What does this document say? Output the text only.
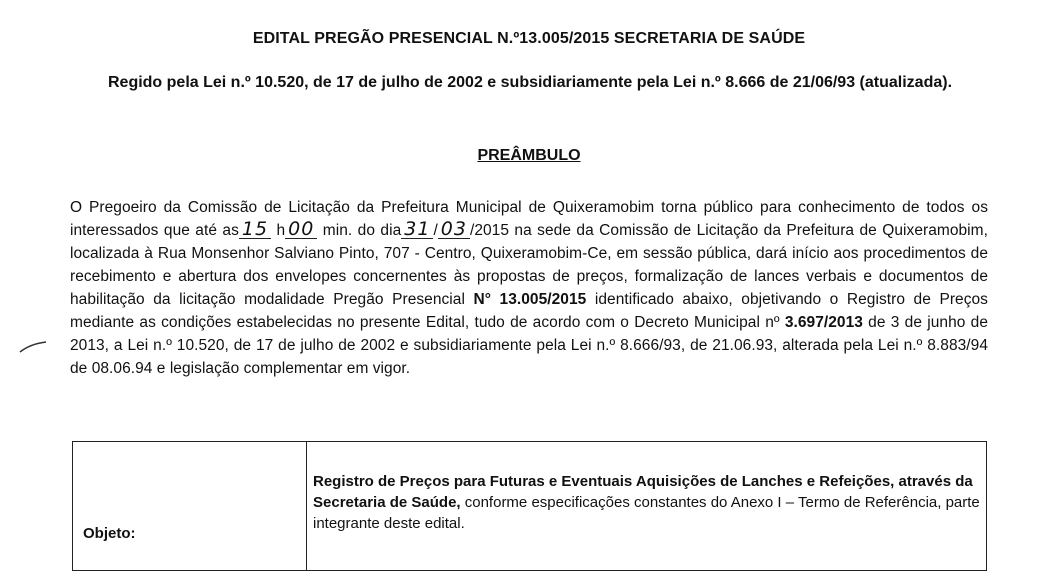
EDITAL PREGÃO PRESENCIAL N.º13.005/2015 SECRETARIA DE SAÚDE
Regido pela Lei n.º 10.520, de 17 de julho de 2002 e subsidiariamente pela Lei n.º 8.666 de 21/06/93 (atualizada).
PREÂMBULO
O Pregoeiro da Comissão de Licitação da Prefeitura Municipal de Quixeramobim torna público para conhecimento de todos os interessados que até as 15 h 00 min. do dia 31 / 03 /2015 na sede da Comissão de Licitação da Prefeitura de Quixeramobim, localizada à Rua Monsenhor Salviano Pinto, 707 - Centro, Quixeramobim-Ce, em sessão pública, dará início aos procedimentos de recebimento e abertura dos envelopes concernentes às propostas de preços, formalização de lances verbais e documentos de habilitação da licitação modalidade Pregão Presencial N° 13.005/2015 identificado abaixo, objetivando o Registro de Preços mediante as condições estabelecidas no presente Edital, tudo de acordo com o Decreto Municipal nº 3.697/2013 de 3 de junho de 2013, a Lei n.º 10.520, de 17 de julho de 2002 e subsidiariamente pela Lei n.º 8.666/93, de 21.06.93, alterada pela Lei n.º 8.883/94 de 08.06.94 e legislação complementar em vigor.
Objeto:
	Registro de Preços para Futuras e Eventuais Aquisições de Lanches e Refeições, através da Secretaria de Saúde, conforme especificações constantes do Anexo I – Termo de Referência, parte integrante deste edital.
